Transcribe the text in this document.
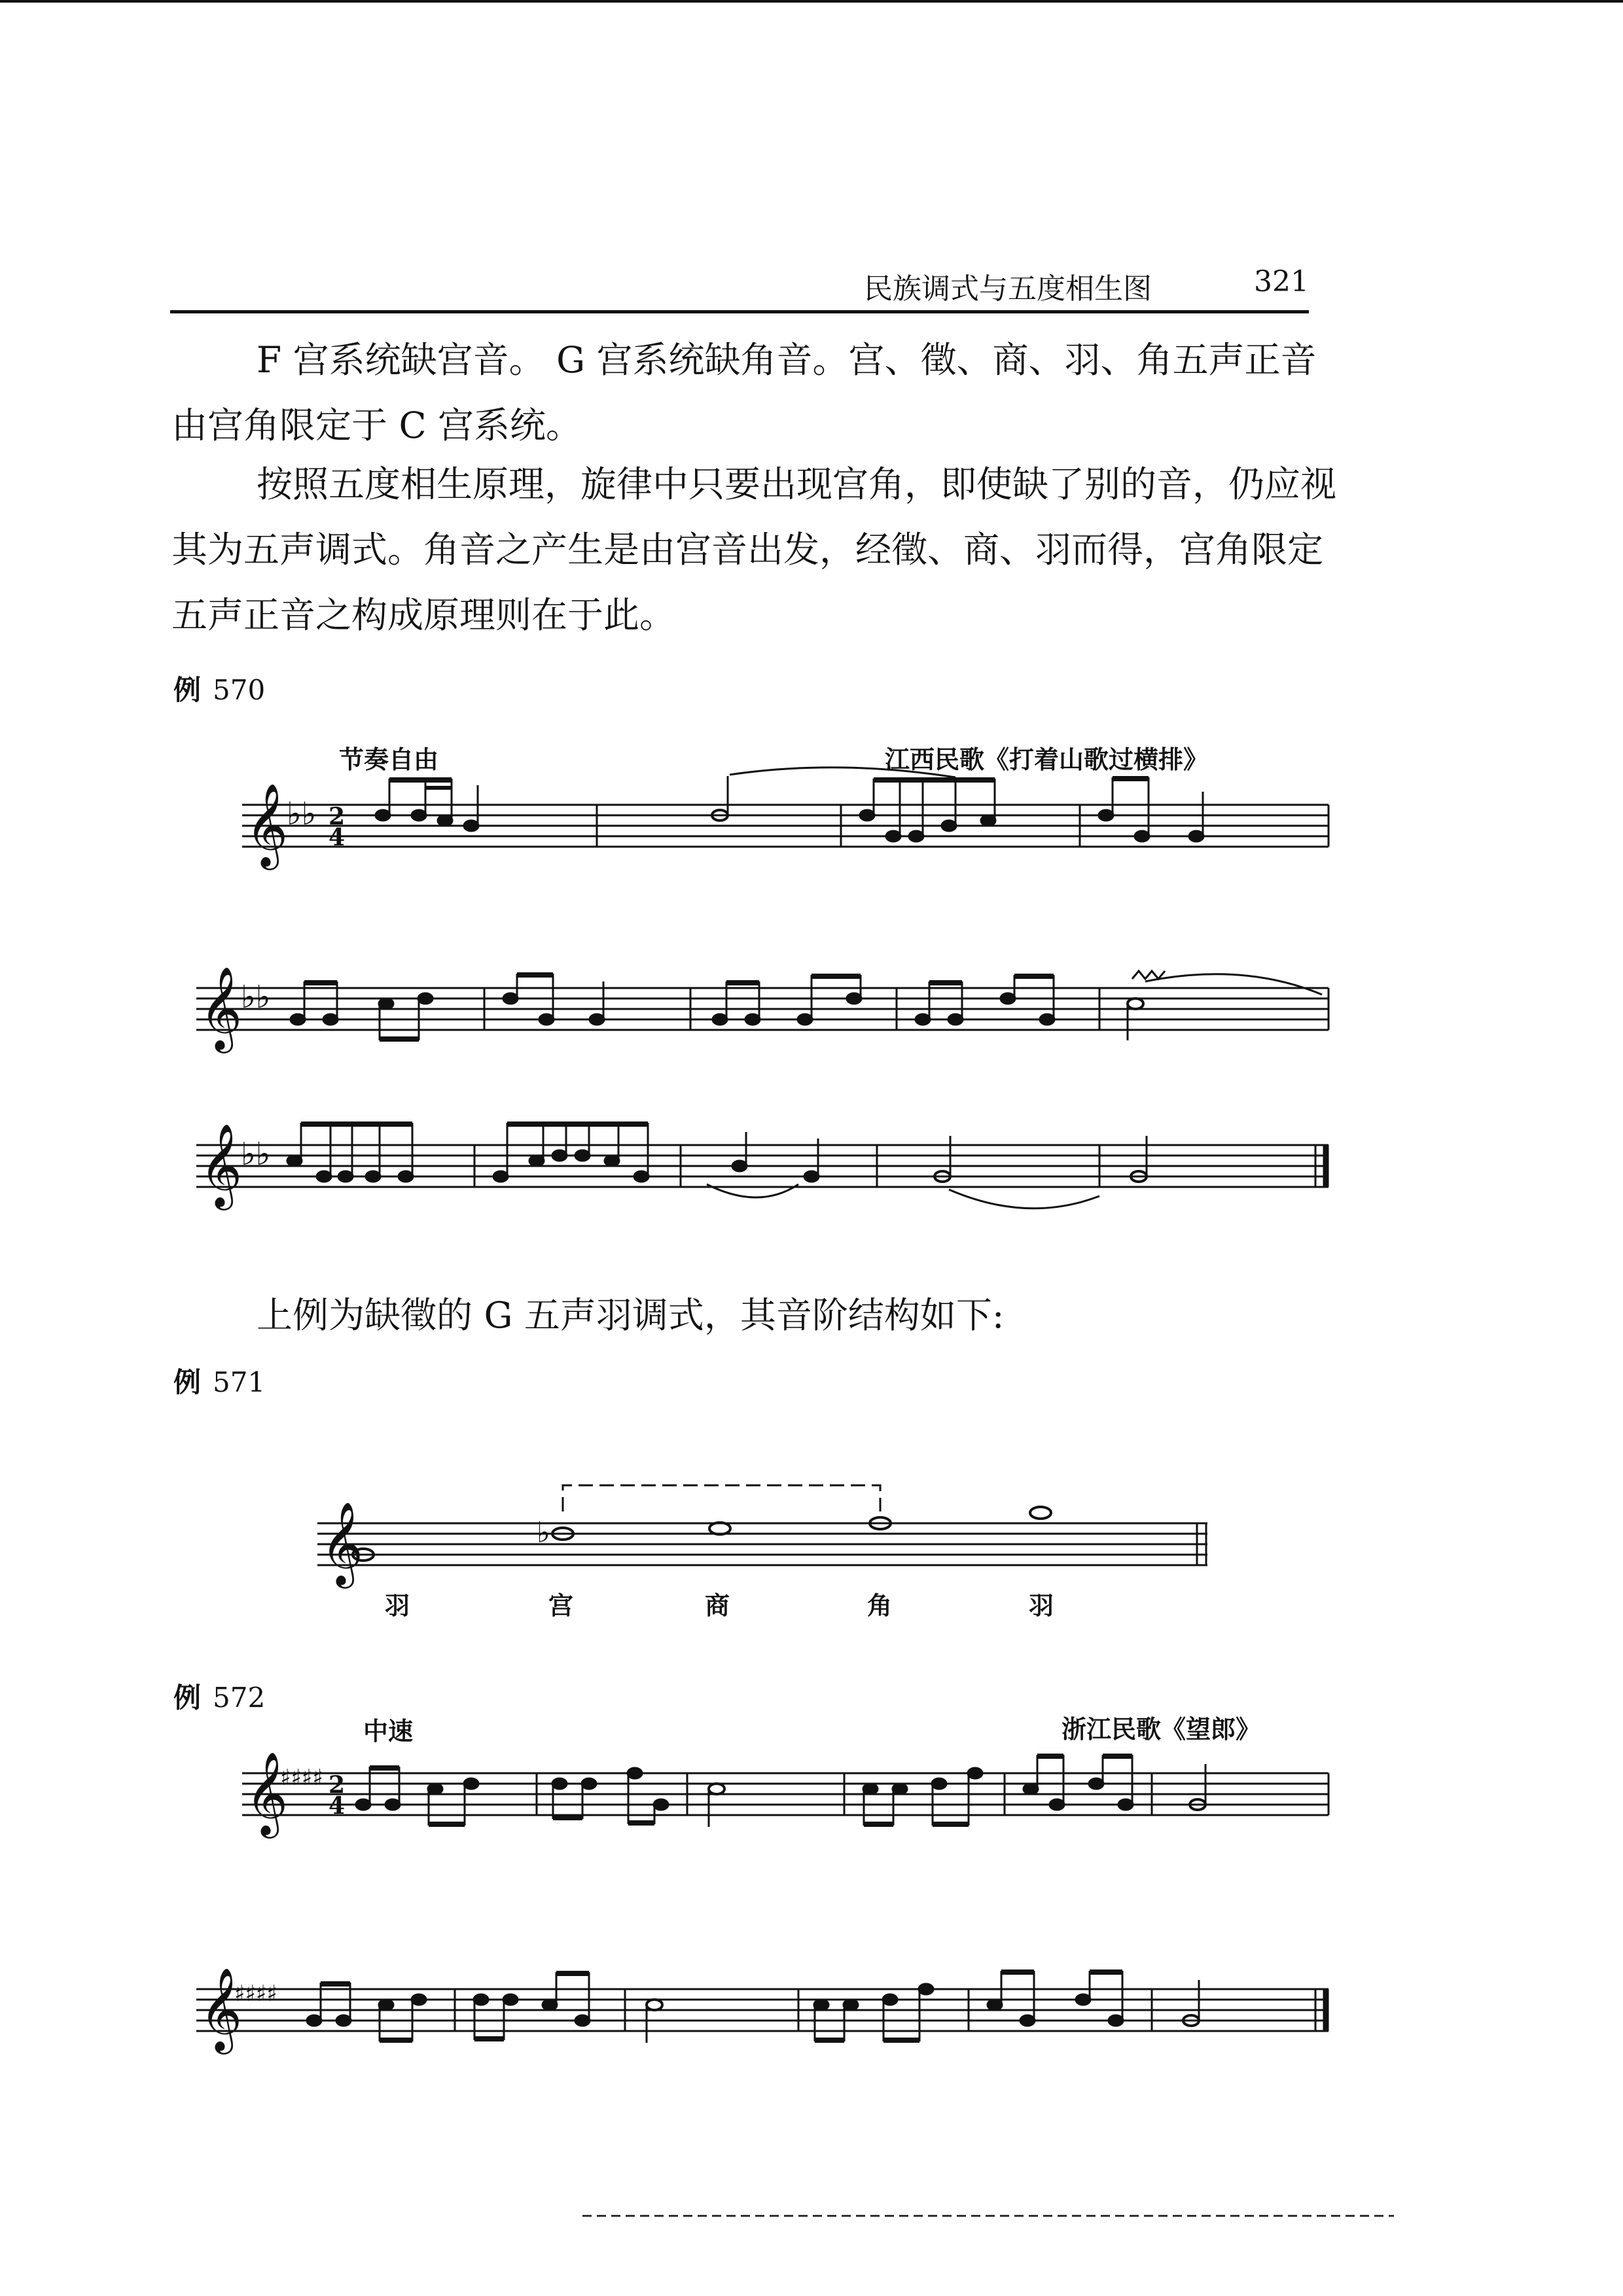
民族调式与五度相生图	321

F 宫系统缺宫音。 G 宫系统缺角音。宫、徵、商、羽、角五声正音由宫角限定于 C 宫系统。

按照五度相生原理，旋律中只要出现宫角，即使缺了别的音，仍应视其为五声调式。角音之产生是由宫音出发，经徵、商、羽而得，宫角限定五声正音之构成原理则在于此。

例 570
节奏自由	江西民歌《打着山歌过横排》
𝄞
♭♭ 2
4
𝄞
♭♭
𝄞
♭♭

上例为缺徵的 G 五声羽调式，其音阶结构如下:

例 571
𝄞	♭
羽	宫	商	角	羽
例 572
中速	浙江民歌《望郎》
𝄞
♯♯♯♯ 2
4
𝄞
♯♯♯♯
